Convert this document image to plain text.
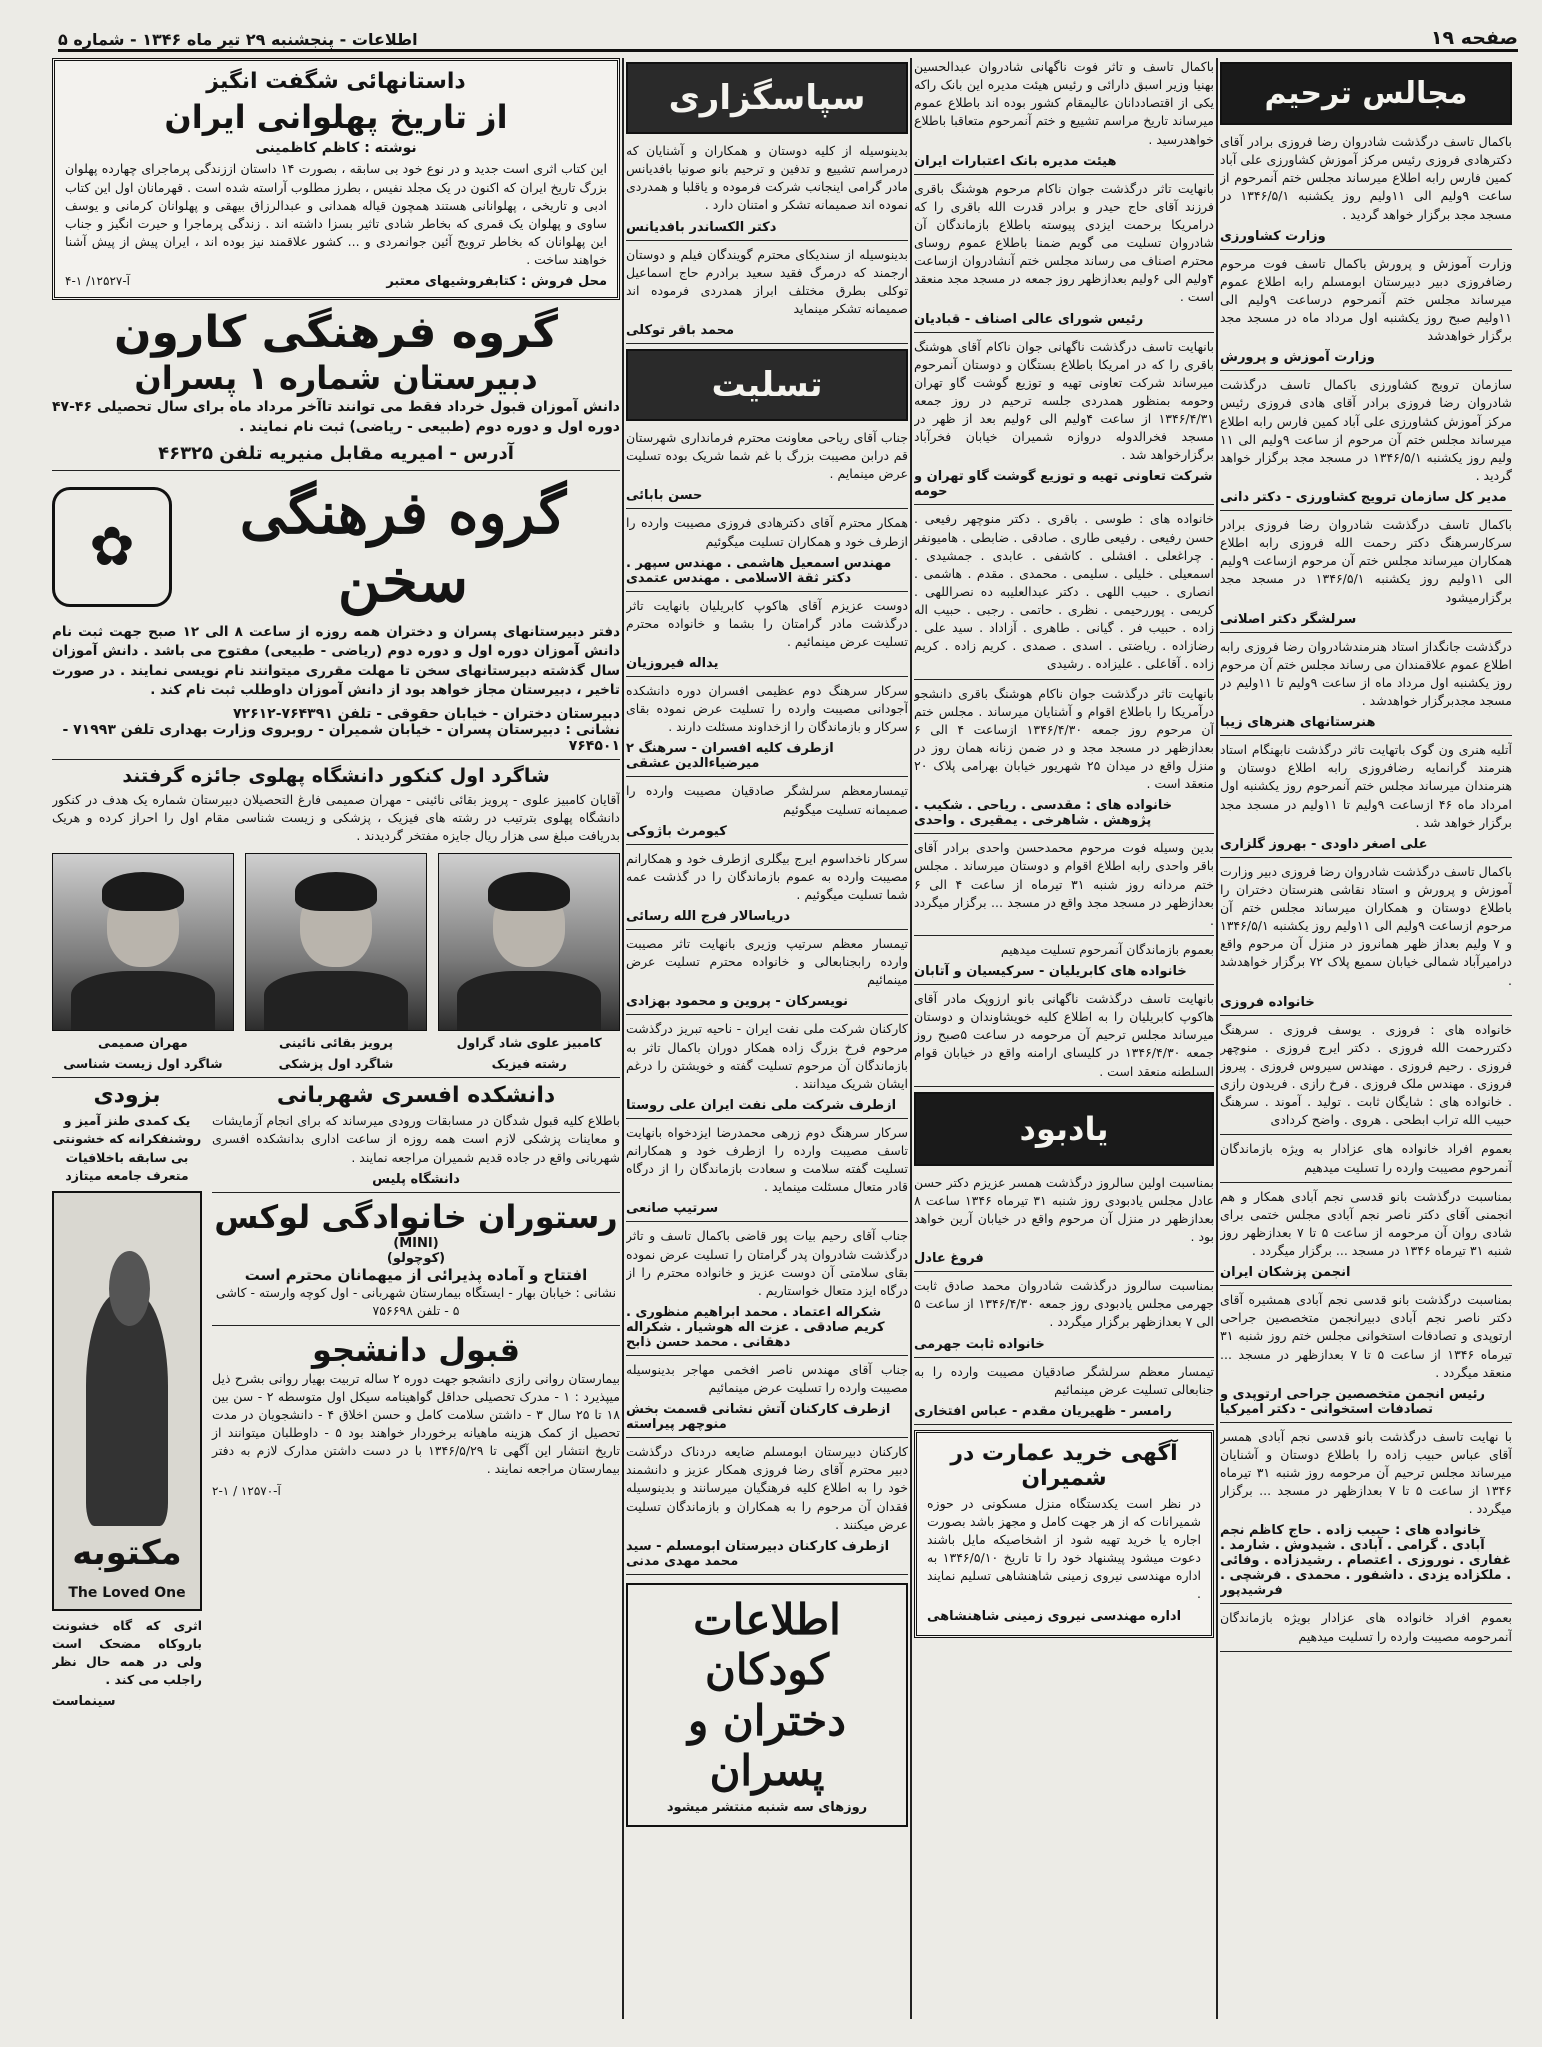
صفحه ۱۹
اطلاعات - پنجشنبه ۲۹ تیر ماه ۱۳۴۶ - شماره ۵
مجالس ترحیم

باکمال تاسف درگذشت شادروان رضا فروزی برادر آقای دکترهادی فروزی رئیس مرکز آموزش کشاورزی علی آباد کمین فارس رابه اطلاع میرساند مجلس ختم آنمرحوم از ساعت ۹ولیم الی ۱۱ولیم روز یکشنبه ۱۳۴۶/۵/۱ در مسجد مجد برگزار خواهد گردید .

وزارت کشاورزی

وزارت آموزش و پرورش باکمال تاسف فوت مرحوم رضافروزی دبیر دبیرستان ابومسلم رابه اطلاع عموم میرساند مجلس ختم آنمرحوم درساعت ۹ولیم الی ۱۱ولیم صبح روز یکشنبه اول مرداد ماه در مسجد مجد برگزار خواهدشد

وزارت آموزش و پرورش

سازمان ترویج کشاورزی باکمال تاسف درگذشت شادروان رضا فروزی برادر آقای هادی فروزی رئیس مرکز آموزش کشاورزی علی آباد کمین فارس رابه اطلاع میرساند مجلس ختم آن مرحوم از ساعت ۹ولیم الی ۱۱ ولیم روز یکشنبه ۱۳۴۶/۵/۱ در مسجد مجد برگزار خواهد گردید .

مدیر کل سازمان ترویج کشاورزی - دکتر دانی

باکمال تاسف درگذشت شادروان رضا فروزی برادر سرکارسرهنگ دکتر رحمت الله فروزی رابه اطلاع همکاران میرساند مجلس ختم آن مرحوم ازساعت ۹ولیم الی ۱۱ولیم روز یکشنبه ۱۳۴۶/۵/۱ در مسجد مجد برگزارمیشود

سرلشگر دکتر اصلانی

درگذشت جانگداز استاد هنرمندشادروان رضا فروزی رابه اطلاع عموم علاقمندان می رساند مجلس ختم آن مرحوم روز یکشنبه اول مرداد ماه از ساعت ۹ولیم تا ۱۱ولیم در مسجد مجدبرگزار خواهدشد .

هنرستانهای هنرهای زیبا

آتلیه هنری ون گوک باتهایت تاثر درگذشت نابهنگام استاد هنرمند گرانمایه رضافروزی رابه اطلاع دوستان و هنرمندان میرساند مجلس ختم آنمرحوم روز یکشنبه اول امرداد ماه ۴۶ ازساعت ۹ولیم تا ۱۱ولیم در مسجد مجد برگزار خواهد شد .

علی اصغر داودی - بهروز گلزاری

باکمال تاسف درگذشت شادروان رضا فروزی دبیر وزارت آموزش و پرورش و استاد نقاشی هنرستان دختران را باطلاع دوستان و همکاران میرساند مجلس ختم آن مرحوم ازساعت ۹ولیم الی ۱۱ولیم روز یکشنبه ۱۳۴۶/۵/۱ و ۷ ولیم بعداز ظهر همانروز در منزل آن مرحوم واقع درامیرآباد شمالی خیابان سمیع پلاک ۷۲ برگزار خواهدشد .

خانواده فروزی

خانواده های : فروزی . یوسف فروزی . سرهنگ دکتررحمت الله فروزی . دکتر ایرج فروزی . منوچهر فروزی . رحیم فروزی . مهندس سیروس فروزی . پیروز فروزی . مهندس ملک فروزی . فرخ رازی . فریدون رازی . خانواده های : شایگان ثابت . تولید . آموند . سرهنگ حبیب الله تراب ابطحی . هروی . واضح کردادی

بعموم افراد خانواده های عزادار به ویژه بازماندگان آنمرحوم مصیبت وارده را تسلیت میدهیم

بمناسبت درگذشت بانو قدسی نجم آبادی همکار و هم انجمنی آقای دکتر ناصر نجم آبادی مجلس ختمی برای شادی روان آن مرحومه از ساعت ۵ تا ۷ بعدازظهر روز شنبه ۳۱ تیرماه ۱۳۴۶ در مسجد ... برگزار میگردد .

انجمن پزشکان ایران

بمناسبت درگذشت بانو قدسی نجم آبادی همشیره آقای دکتر ناصر نجم آبادی دبیرانجمن متخصصین جراحی ارتوپدی و تصادفات استخوانی مجلس ختم روز شنبه ۳۱ تیرماه ۱۳۴۶ از ساعت ۵ تا ۷ بعدازظهر در مسجد ... منعقد میگردد .

رئیس انجمن متخصصین جراحی ارتوپدی و تصادفات استخوانی - دکتر امیرکیا

با نهایت تاسف درگذشت بانو قدسی نجم آبادی همسر آقای عباس حبیب زاده را باطلاع دوستان و آشنایان میرساند مجلس ترحیم آن مرحومه روز شنبه ۳۱ تیرماه ۱۳۴۶ از ساعت ۵ تا ۷ بعدازظهر در مسجد ... برگزار میگردد .

خانواده های : حبیب زاده . حاج کاظم نجم آبادی . گرامی . آبادی . شیدوش . شارمد . غفاری . نوروزی . اعتصام . رشیدزاده . وفائی . ملکزاده یزدی . داشفور . محمدی . فرشچی . فرشیدپور

بعموم افراد خانواده های عزادار بویژه بازماندگان آنمرحومه مصیبت وارده را تسلیت میدهیم

باکمال تاسف و تاثر فوت ناگهانی شادروان عبدالحسین بهنیا وزیر اسبق دارائی و رئیس هیئت مدیره این بانک راکه یکی از اقتصاددانان عالیمقام کشور بوده اند باطلاع عموم میرساند تاریخ مراسم تشییع و ختم آنمرحوم متعاقبا باطلاع خواهدرسید .

هیئت مدیره بانک اعتبارات ایران

بانهایت تاثر درگذشت جوان ناکام مرحوم هوشنگ باقری فرزند آقای حاج حیدر و برادر قدرت الله باقری را که درامریکا برحمت ایزدی پیوسته باطلاع بازماندگان آن شادروان تسلیت می گویم ضمنا باطلاع عموم روسای محترم اصناف می رساند مجلس ختم آنشادروان ازساعت ۴ولیم الی ۶ولیم بعدازظهر روز جمعه در مسجد مجد منعقد است .

رئیس شورای عالی اصناف - قبادیان

بانهایت تاسف درگذشت ناگهانی جوان ناکام آقای هوشنگ باقری را که در امریکا باطلاع بستگان و دوستان آنمرحوم میرساند شرکت تعاونی تهیه و توزیع گوشت گاو تهران وحومه بمنظور همدردی جلسه ترحیم در روز جمعه ۱۳۴۶/۴/۳۱ از ساعت ۴ولیم الی ۶ولیم بعد از ظهر در مسجد فخرالدوله دروازه شمیران خیابان فخرآباد برگزارخواهد شد .

شرکت تعاونی تهیه و توزیع گوشت گاو تهران و حومه

خانواده های : طوسی . باقری . دکتر منوچهر رفیعی . حسن رفیعی . رفیعی طاری . صادقی . ضابطی . هامیونفر . چراغعلی . افشلی . کاشفی . عابدی . جمشیدی . اسمعیلی . خلیلی . سلیمی . محمدی . مقدم . هاشمی . انصاری . حبیب اللهی . دکتر عبدالعلیبه ده نصراللهی . کریمی . پوررحیمی . نظری . حاتمی . رجبی . حبیب اله زاده . حبیب فر . گیانی . طاهری . آزاداد . سید علی . رضازاده . ریاضتی . اسدی . صمدی . کریم زاده . کریم زاده . آقاعلی . علیزاده . رشیدی

بانهایت تاثر درگذشت جوان ناکام هوشنگ باقری دانشجو درآمریکا را باطلاع اقوام و آشنایان میرساند . مجلس ختم آن مرحوم روز جمعه ۱۳۴۶/۴/۳۰ ازساعت ۴ الی ۶ بعدازظهر در مسجد مجد و در ضمن زنانه همان روز در منزل واقع در میدان ۲۵ شهریور خیابان بهرامی پلاک ۲۰ منعقد است .

خانواده های : مقدسی . ریاحی . شکیب . پژوهش . شاهرخی . یمقیری . واحدی

بدین وسیله فوت مرحوم محمدحسن واحدی برادر آقای باقر واحدی رابه اطلاع اقوام و دوستان میرساند . مجلس ختم مردانه روز شنبه ۳۱ تیرماه از ساعت ۴ الی ۶ بعدازظهر در مسجد مجد واقع در مسجد ... برگزار میگردد .

بعموم بازماندگان آنمرحوم تسلیت میدهیم

خانواده های کابریلیان - سرکیسیان و آتابان

بانهایت تاسف درگذشت ناگهانی بانو ارزوپک مادر آقای هاکوپ کابریلیان را به اطلاع کلیه خویشاوندان و دوستان میرساند مجلس ترحیم آن مرحومه در ساعت ۵صبح روز جمعه ۱۳۴۶/۴/۳۰ در کلیسای ارامنه واقع در خیابان قوام السلطنه منعقد است .

یادبود

بمناسبت اولین سالروز درگذشت همسر عزیزم دکتر حسن عادل مجلس یادبودی روز شنبه ۳۱ تیرماه ۱۳۴۶ ساعت ۸ بعدازظهر در منزل آن مرحوم واقع در خیابان آرین خواهد بود .

فروغ عادل

بمناسبت سالروز درگذشت شادروان محمد صادق ثابت جهرمی مجلس یادبودی روز جمعه ۱۳۴۶/۴/۳۰ از ساعت ۵ الی ۷ بعدازظهر برگزار میگردد .

خانواده ثابت جهرمی

تیمسار معظم سرلشگر صادقیان مصیبت وارده را به جنابعالی تسلیت عرض مینمائیم

رامسر - ظهیریان مقدم - عباس افتخاری
آگهی خرید عمارت در شمیران

در نظر است یکدستگاه منزل مسکونی در حوزه شمیرانات که از هر جهت کامل و مجهز باشد بصورت اجاره یا خرید تهیه شود از اشخاصیکه مایل باشند دعوت میشود پیشنهاد خود را تا تاریخ ۱۳۴۶/۵/۱۰ به اداره مهندسی نیروی زمینی شاهنشاهی تسلیم نمایند .

اداره مهندسی نیروی زمینی شاهنشاهی
سپاسگزاری

بدینوسیله از کلیه دوستان و همکاران و آشنایان که درمراسم تشییع و تدفین و ترحیم بانو صونیا بافدیانس مادر گرامی اینجانب شرکت فرموده و یاقلبا و همدردی نموده اند صمیمانه تشکر و امتنان دارد .

دکتر الکساندر بافدیانس

بدینوسیله از سندیکای محترم گویندگان فیلم و دوستان ارجمند که درمرگ فقید سعید برادرم حاج اسماعیل توکلی بطرق مختلف ابراز همدردی فرموده اند صمیمانه تشکر مینماید

محمد باقر توکلی
تسلیت

جناب آقای ریاحی معاونت محترم فرمانداری شهرستان قم درابن مصیبت بزرگ با غم شما شریک بوده تسلیت عرض مینمایم .

حسن بابائی

همکار محترم آقای دکترهادی فروزی مصیبت وارده را ازطرف خود و همکاران تسلیت میگوئیم

مهندس اسمعیل هاشمی . مهندس سپهر . دکتر ثقة الاسلامی . مهندس عتمدی

دوست عزیزم آقای هاکوپ کابریلیان بانهایت تاثر درگذشت مادر گرامتان را بشما و خانواده محترم تسلیت عرض مینمائیم .

یداله فیروزیان

سرکار سرهنگ دوم عظیمی افسران دوره دانشکده آجودانی مصیبت وارده را تسلیت عرض نموده بقای سرکار و بازماندگان را ازخداوند مسئلت دارند .

ازطرف کلیه افسران - سرهنگ ۲ میرضیاءالدین عشقی

تیمسارمعظم سرلشگر صادقیان مصیبت وارده را صمیمانه تسلیت میگوئیم

کیومرث باژوکی

سرکار ناخداسوم ایرج بیگلری ازطرف خود و همکارانم مصیبت وارده به عموم بازماندگان را در گذشت عمه شما تسلیت میگوئیم .

دریاسالار فرج الله رسائی

تیمسار معظم سرتیپ وزیری بانهایت تاثر مصیبت وارده رابجنابعالی و خانواده محترم تسلیت عرض مینمائیم

نویسرکان - پروین و محمود بهزادی

کارکنان شرکت ملی نفت ایران - ناحیه تبریز درگذشت مرحوم فرخ بزرگ زاده همکار دوران باکمال تاثر به بازماندگان آن مرحوم تسلیت گفته و خویشتن را درغم ایشان شریک میدانند .

ازطرف شرکت ملی نفت ایران علی روستا

سرکار سرهنگ دوم زرهی محمدرضا ایزدخواه بانهایت تاسف مصیبت وارده را ازطرف خود و همکارانم تسلیت گفته سلامت و سعادت بازماندگان را از درگاه قادر متعال مسئلت مینماید .

سرتیپ صانعی

جناب آقای رحیم بیات پور قاضی باکمال تاسف و تاثر درگذشت شادروان پدر گرامتان را تسلیت عرض نموده بقای سلامتی آن دوست عزیز و خانواده محترم را از درگاه ایزد متعال خواستاریم .

شکراله اعتماد . محمد ابراهیم منظوری . کریم صادقی . عزت اله هوشیار . شکراله دهقانی . محمد حسن ذابح

جناب آقای مهندس ناصر افخمی مهاجر بدینوسیله مصیبت وارده را تسلیت عرض مینمائیم

ازطرف کارکنان آتش نشانی قسمت بخش منوچهر پیراسته

کارکنان دبیرستان ابومسلم ضایعه دردناک درگذشت دبیر محترم آقای رضا فروزی همکار عزیز و دانشمند خود را به اطلاع کلیه فرهنگیان میرسانند و بدینوسیله فقدان آن مرحوم را به همکاران و بازماندگان تسلیت عرض میکنند .

ازطرف کارکنان دبیرستان ابومسلم - سید محمد مهدی مدنی
اطلاعات کودکان
دختران و پسران
روزهای سه شنبه منتشر میشود
داستانهائی شگفت انگیز
از تاریخ پهلوانی ایران
نوشته : کاظم کاظمینی

این کتاب اثری است جدید و در نوع خود بی سابقه ، بصورت ۱۴ داستان اززندگی پرماجرای چهارده پهلوان بزرگ تاریخ ایران که اکنون در یک مجلد نفیس ، بطرز مطلوب آراسته شده است . قهرمانان اول این کتاب ادبی و تاریخی ، پهلوانانی هستند همچون قیاله همدانی و عبدالرزاق بیهقی و پهلوانان کرمانی و یوسف ساوی و پهلوان یک قمری که بخاطر شادی تاثیر بسزا داشته اند . زندگی پرماجرا و حیرت انگیز و جناب این پهلوانان که بخاطر ترویج آئین جوانمردی و ... کشور علاقمند نیز بوده اند ، ایران پیش از پیش آشنا خواهند ساخت .

محل فروش : کتابفروشیهای معتبر
آ-۱۲۵۲۷/ ۱-۴
گروه فرهنگی کارون
دبیرستان شماره ۱ پسران

دانش آموزان قبول خرداد فقط می توانند تاآخر مرداد ماه برای سال تحصیلی ۴۶-۴۷ دوره اول و دوره دوم (طبیعی - ریاضی) ثبت نام نمایند .

آدرس - امیریه مقابل منیریه تلفن ۴۶۳۲۵
گروه فرهنگی سخن
✿

دفتر دبیرستانهای پسران و دختران همه روزه از ساعت ۸ الی ۱۲ صبح جهت ثبت نام دانش آموزان دوره اول و دوره دوم (ریاضی - طبیعی) مفتوح می باشد . دانش آموزان سال گذشته دبیرستانهای سخن تا مهلت مقرری میتوانند نام نویسی نمایند . در صورت تاخیر ، دبیرستان مجاز خواهد بود از دانش آموزان داوطلب ثبت نام کند .

دبیرستان دختران - خیابان حقوقی - تلفن ۷۶۴۳۹۱-۷۲۶۱۲
نشانی : دبیرستان پسران - خیابان شمیران - روبروی وزارت بهداری تلفن ۷۱۹۹۳ - ۷۶۴۵۰۱
شاگرد اول کنکور دانشگاه پهلوی جائزه گرفتند

آقایان کامبیز علوی - پرویز بقائی نائینی - مهران صمیمی فارغ التحصیلان دبیرستان شماره یک هدف در کنکور دانشگاه پهلوی بترتیب در رشته های فیزیک ، پزشکی و زیست شناسی مقام اول را احراز کرده و هریک بدریافت مبلغ سی هزار ریال جایزه مفتخر گردیدند .

کامبیز علوی شاد گراول
رشته فیزیک
پرویز بقائی نائینی
شاگرد اول پزشکی
مهران صمیمی
شاگرد اول زیست شناسی
دانشکده افسری شهربانی

باطلاع کلیه قبول شدگان در مسابقات ورودی میرساند که برای انجام آزمایشات و معاینات پزشکی لازم است همه روزه از ساعت اداری بدانشکده افسری شهربانی واقع در جاده قدیم شمیران مراجعه نمایند .

دانشگاه پلیس
رستوران خانوادگی لوکس
(MINI)
(کوچولو)
افتتاح و آماده پذیرائی از میهمانان محترم است

نشانی : خیابان بهار - ایستگاه بیمارستان شهربانی - اول کوچه وارسته - کاشی ۵ - تلفن ۷۵۶۶۹۸

قبول دانشجو

بیمارستان روانی رازی دانشجو جهت دوره ۲ ساله تربیت بهیار روانی بشرح ذیل میپذیرد : ۱ - مدرک تحصیلی حداقل گواهینامه سیکل اول متوسطه ۲ - سن بین ۱۸ تا ۲۵ سال ۳ - داشتن سلامت کامل و حسن اخلاق ۴ - دانشجویان در مدت تحصیل از کمک هزینه ماهیانه برخوردار خواهند بود ۵ - داوطلبان میتوانند از تاریخ انتشار این آگهی تا ۱۳۴۶/۵/۲۹ با در دست داشتن مدارک لازم به دفتر بیمارستان مراجعه نمایند .

آ-۱۲۵۷۰ / ۱-۲
بزودی

یک کمدی طنز آمیز و روشنفکرانه که خشونتی بی سابقه باخلافیات متعرف جامعه میتازد

مکتوبه
The Loved One

اثری که گاه خشونت باروکاه مضحک است ولی در همه حال نظر راجلب می کند .

سینماست
